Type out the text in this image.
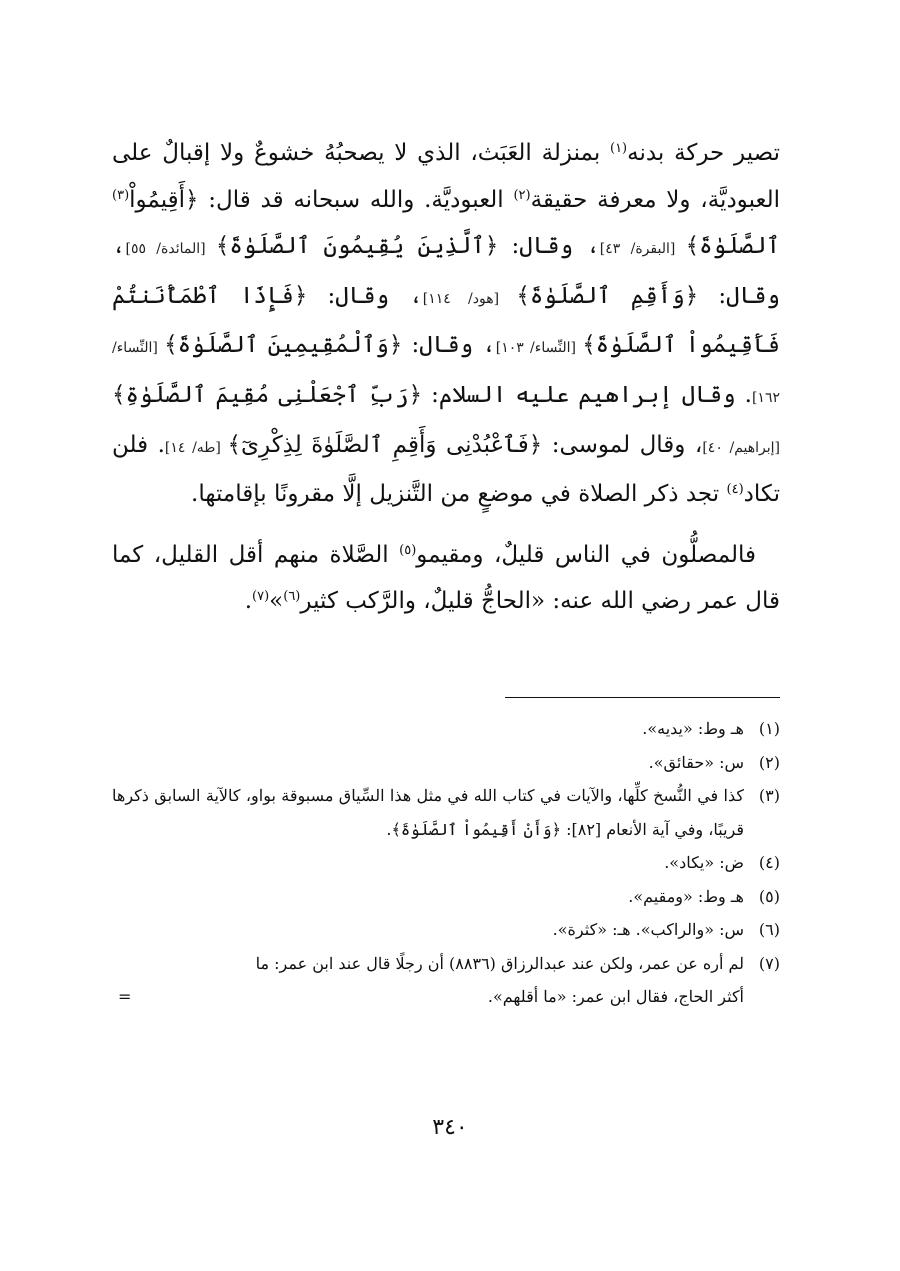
تصير حركة بدنه$^{(١)}$ بمنزلة العَبَث، الذي لا يصحبُهُ خشوعٌ ولا إقبالٌ على العبوديَّة، ولا معرفة حقيقة$^{(٢)}$ العبوديَّة. والله سبحانه قد قال: ﴿أَقِيمُواْ$^{(٣)}$ ٱلصَّلَوٰةَ﴾ [البقرة/ ٤٣]، وقال: ﴿ٱلَّذِينَ يُقِيمُونَ ٱلصَّلَوٰةَ﴾ [المائدة/ ٥٥]، وقال: ﴿وَأَقِمِ ٱلصَّلَوٰةَ﴾ [هود/ ١١٤]، وقال: ﴿فَإِذَا ٱطْمَأْنَنتُمْ فَأَقِيمُواْ ٱلصَّلَوٰةَ﴾ [النِّساء/ ١٠٣]، وقال: ﴿وَٱلْمُقِيمِينَ ٱلصَّلَوٰةَ﴾ [النِّساء/ ١٦٢]. وقال إبراهيم عليه السلام: ﴿رَبِّ ٱجْعَلْنِى مُقِيمَ ٱلصَّلَوٰةِ﴾ [إبراهيم/ ٤٠]، وقال لموسى: ﴿فَٱعْبُدْنِى وَأَقِمِ ٱلصَّلَوٰةَ لِذِكْرِىٓ﴾ [طه/ ١٤]. فلن تكاد$^{(٤)}$ تجد ذكر الصلاة في موضعٍ من التَّنزيل إلَّا مقرونًا بإقامتها.

فالمصلُّون في الناس قليلٌ، ومقيمو$^{(٥)}$ الصَّلاة منهم أقل القليل، كما قال عمر رضي الله عنه: «الحاجُّ قليلٌ، والرَّكب كثير$^{(٦)}$»$^{(٧)}$.

(١)
هـ وط: «يديه».
(٢)
س: «حقائق».
(٣)
كذا في النُّسخ كلِّها، والآيات في كتاب الله في مثل هذا السِّياق مسبوقة بواو، كالآية السابق ذكرها قريبًا، وفي آية الأنعام [٨٢]: ﴿وَأَنْ أَقِيمُواْ ٱلصَّلَوٰةَ﴾.
(٤)
ض: «يكاد».
(٥)
هـ وط: «ومقيم».
(٦)
س: «والراكب». هـ: «كثرة».
(٧)
لم أره عن عمر، ولكن عند عبدالرزاق (٨٨٣٦) أن رجلًا قال عند ابن عمر: ما
أكثر الحاج، فقال ابن عمر: «ما أقلهم».
=
٣٤٠
